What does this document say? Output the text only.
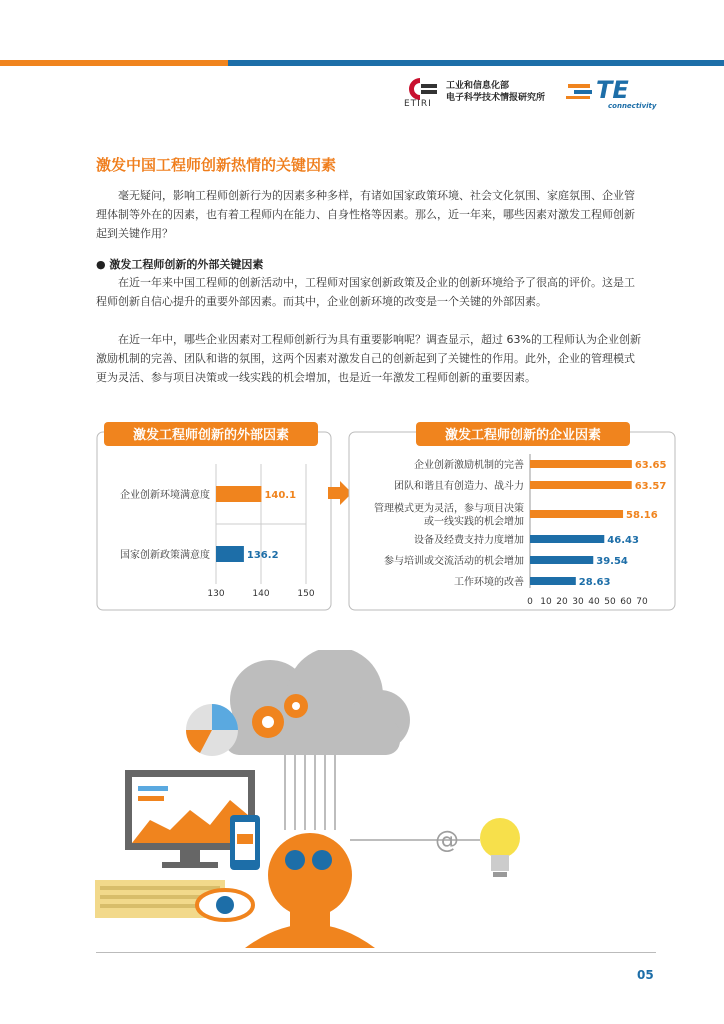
ETIRI
工业和信息化部
电子科学技术情报研究所 TE
connectivity
激发中国工程师创新热情的关键因素

毫无疑问，影响工程师创新行为的因素多种多样，有诸如国家政策环境、社会文化氛围、家庭氛围、企业管理体制等外在的因素，也有着工程师内在能力、自身性格等因素。那么，近一年来，哪些因素对激发工程师创新起到关键作用？

● 激发工程师创新的外部关键因素

在近一年来中国工程师的创新活动中，工程师对国家创新政策及企业的创新环境给予了很高的评价。这是工程师创新自信心提升的重要外部因素。而其中，企业创新环境的改变是一个关键的外部因素。

在近一年中，哪些企业因素对工程师创新行为具有重要影响呢？调查显示，超过 63%的工程师认为企业创新激励机制的完善、团队和谐的氛围，这两个因素对激发自己的创新起到了关键性的作用。此外，企业的管理模式更为灵活、参与项目决策或一线实践的机会增加，也是近一年激发工程师创新的重要因素。

激发工程师创新的外部因素
130	140	150
企业创新环境满意度	140.1
国家创新政策满意度	136.2
激发工程师创新的企业因素
0 10 20 30 40 50 60 70
企业创新激励机制的完善	63.65
团队和谐且有创造力、战斗力	63.57
管理模式更为灵活，参与项目决策
或一线实践的机会增加
58.16
设备及经费支持力度增加	46.43
参与培训或交流活动的机会增加	39.54
工作环境的改善	28.63
@
05
